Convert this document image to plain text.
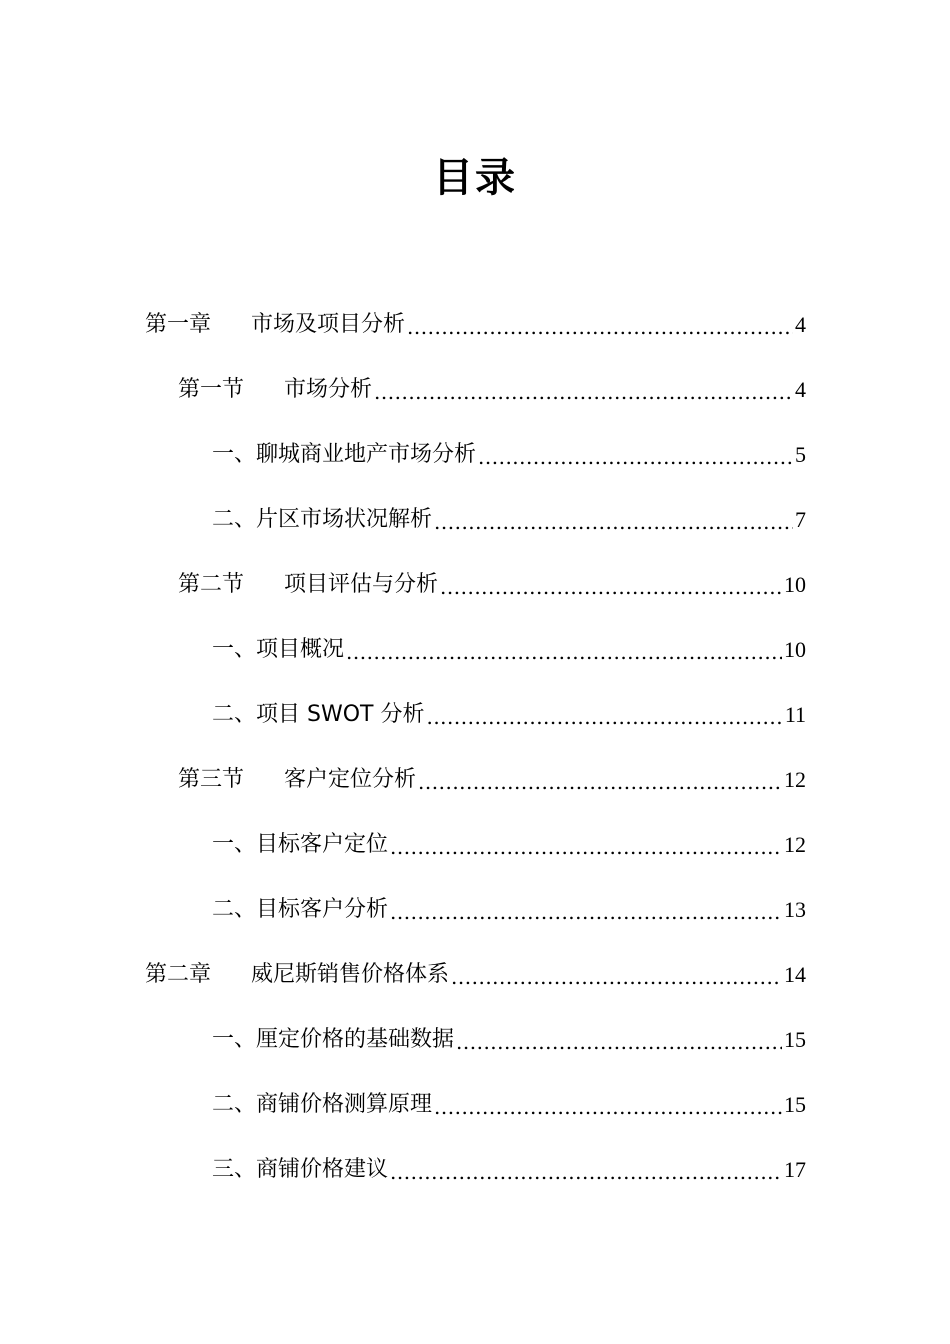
目录
第一章 市场及项目分析 .....	4
第一节 市场分析 .....	4
一、聊城商业地产市场分析 .....	5
二、片区市场状况解析 .....	7
第二节 项目评估与分析 .....	10
一、项目概况 .....	10
二、项目 SWOT 分析 .....	11
第三节 客户定位分析 .....	12
一、目标客户定位 .....	12
二、目标客户分析 .....	13
第二章 威尼斯销售价格体系 .....	14
一、厘定价格的基础数据 .....	15
二、商铺价格测算原理 .....	15
三、商铺价格建议 .....	17
